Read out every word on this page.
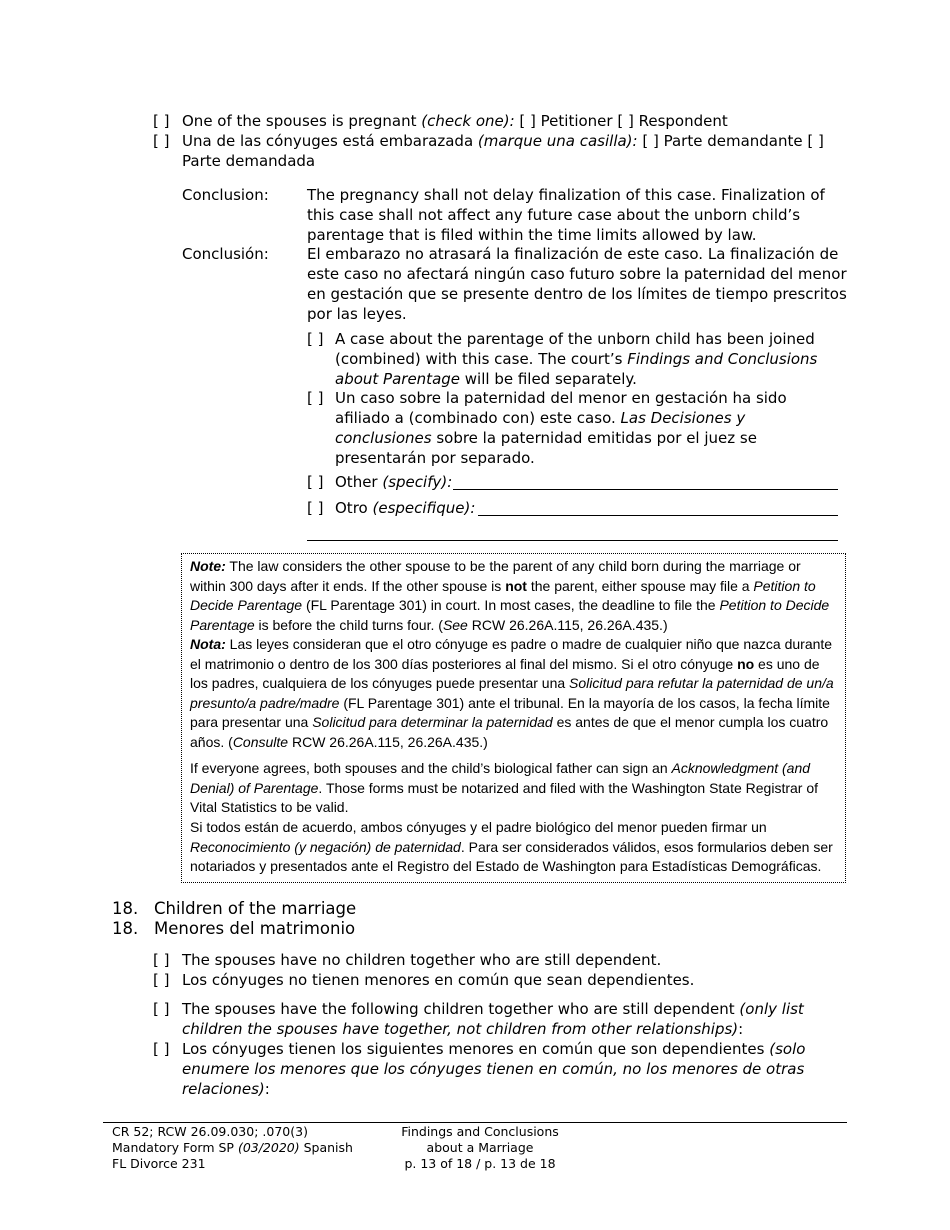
[ ] One of the spouses is pregnant (check one): [ ] Petitioner [ ] Respondent
[ ] Una de las cónyuges está embarazada (marque una casilla): [ ] Parte demandante [ ]
Parte demandada
Conclusion:	The pregnancy shall not delay finalization of this case. Finalization of
this case shall not affect any future case about the unborn child’s
parentage that is filed within the time limits allowed by law.
Conclusión:	El embarazo no atrasará la finalización de este caso. La finalización de
este caso no afectará ningún caso futuro sobre la paternidad del menor
en gestación que se presente dentro de los límites de tiempo prescritos
por las leyes.
[ ] A case about the parentage of the unborn child has been joined
(combined) with this case. The court’s Findings and Conclusions
about Parentage will be filed separately.
[ ] Un caso sobre la paternidad del menor en gestación ha sido
afiliado a (combinado con) este caso. Las Decisiones y
conclusiones sobre la paternidad emitidas por el juez se
presentarán por separado.
[ ] Other (specify):
[ ] Otro (especifique):
Note: The law considers the other spouse to be the parent of any child born during the marriage or
within 300 days after it ends. If the other spouse is not the parent, either spouse may file a Petition to
Decide Parentage (FL Parentage 301) in court. In most cases, the deadline to file the Petition to Decide
Parentage is before the child turns four. (See RCW 26.26A.115, 26.26A.435.)
Nota: Las leyes consideran que el otro cónyuge es padre o madre de cualquier niño que nazca durante
el matrimonio o dentro de los 300 días posteriores al final del mismo. Si el otro cónyuge no es uno de
los padres, cualquiera de los cónyuges puede presentar una Solicitud para refutar la paternidad de un/a
presunto/a padre/madre (FL Parentage 301) ante el tribunal. En la mayoría de los casos, la fecha límite
para presentar una Solicitud para determinar la paternidad es antes de que el menor cumpla los cuatro
años. (Consulte RCW 26.26A.115, 26.26A.435.)
If everyone agrees, both spouses and the child’s biological father can sign an Acknowledgment (and
Denial) of Parentage. Those forms must be notarized and filed with the Washington State Registrar of
Vital Statistics to be valid.
Si todos están de acuerdo, ambos cónyuges y el padre biológico del menor pueden firmar un
Reconocimiento (y negación) de paternidad. Para ser considerados válidos, esos formularios deben ser
notariados y presentados ante el Registro del Estado de Washington para Estadísticas Demográficas.
18. Children of the marriage
18. Menores del matrimonio
[ ] The spouses have no children together who are still dependent.
[ ] Los cónyuges no tienen menores en común que sean dependientes.
[ ] The spouses have the following children together who are still dependent (only list
children the spouses have together, not children from other relationships):
[ ] Los cónyuges tienen los siguientes menores en común que son dependientes (solo
enumere los menores que los cónyuges tienen en común, no los menores de otras
relaciones):
CR 52; RCW 26.09.030; .070(3)
Mandatory Form SP (03/2020) Spanish
FL Divorce 231
Findings and Conclusions
about a Marriage
p. 13 of 18 / p. 13 de 18
